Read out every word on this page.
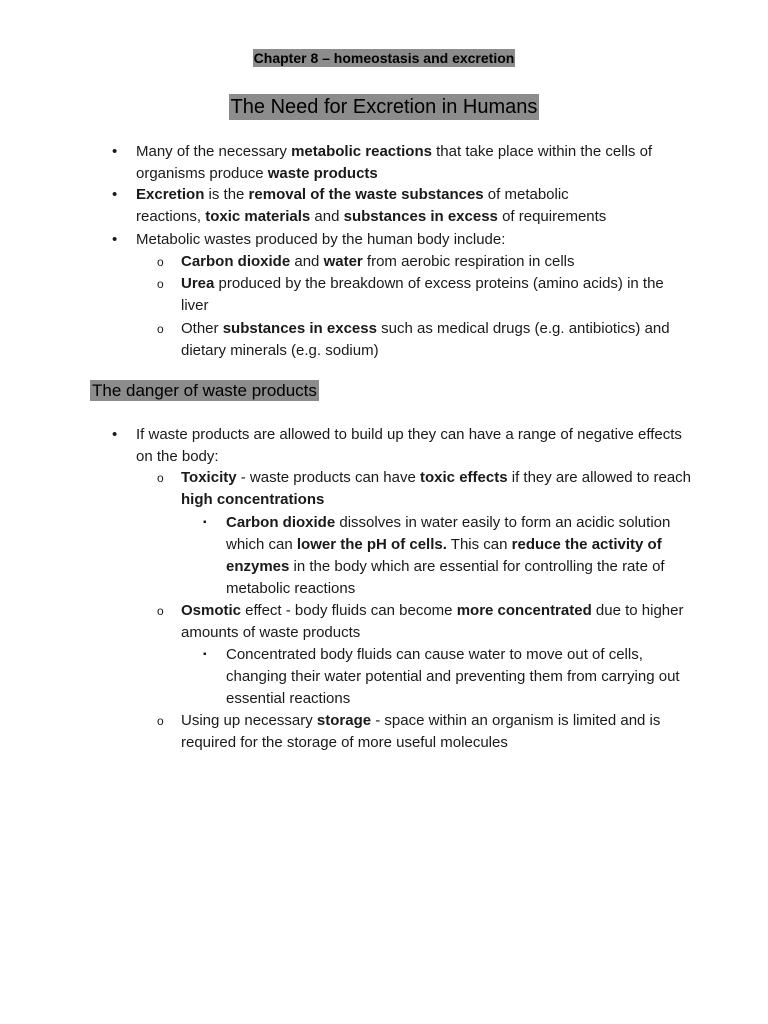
Chapter 8 – homeostasis and excretion
The Need for Excretion in Humans
• Many of the necessary metabolic reactions that take place within the cells of organisms produce waste products
• Excretion is the removal of the waste substances of metabolic reactions, toxic materials and substances in excess of requirements
• Metabolic wastes produced by the human body include:
o Carbon dioxide and water from aerobic respiration in cells
o Urea produced by the breakdown of excess proteins (amino acids) in the liver
o Other substances in excess such as medical drugs (e.g. antibiotics) and dietary minerals (e.g. sodium)
The danger of waste products
• If waste products are allowed to build up they can have a range of negative effects on the body:
o Toxicity - waste products can have toxic effects if they are allowed to reach high concentrations
▪ Carbon dioxide dissolves in water easily to form an acidic solution which can lower the pH of cells. This can reduce the activity of enzymes in the body which are essential for controlling the rate of metabolic reactions
o Osmotic effect - body fluids can become more concentrated due to higher amounts of waste products
▪ Concentrated body fluids can cause water to move out of cells, changing their water potential and preventing them from carrying out essential reactions
o Using up necessary storage - space within an organism is limited and is required for the storage of more useful molecules
